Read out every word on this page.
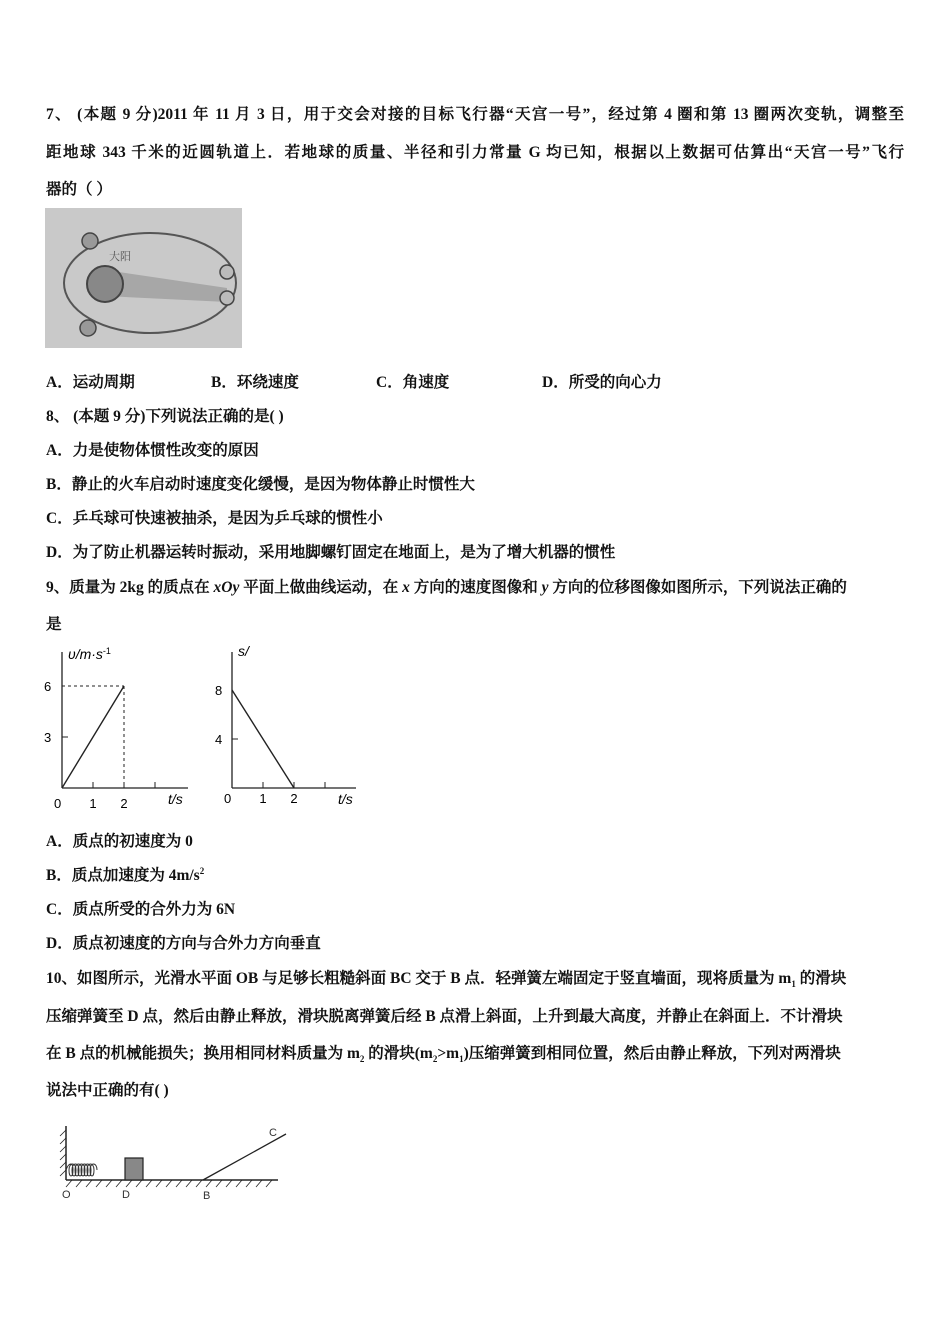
7、 (本题 9 分)2011 年 11 月 3 日，用于交会对接的目标飞行器“天宫一号”，经过第 4 圈和第 13 圈两次变轨，调整至
距地球 343 千米的近圆轨道上．若地球的质量、半径和引力常量 G 均已知，根据以上数据可估算出“天宫一号”飞行
器的（ ）
大阳
A．运动周期	B．环绕速度	C．角速度	D．所受的向心力
8、 (本题 9 分)下列说法正确的是( )
A．力是使物体惯性改变的原因
B．静止的火车启动时速度变化缓慢，是因为物体静止时惯性大
C．乒乓球可快速被抽杀，是因为乒乓球的惯性小
D．为了防止机器运转时振动，采用地脚螺钉固定在地面上，是为了增大机器的惯性
9、质量为 2kg 的质点在 xOy 平面上做曲线运动，在 x 方向的速度图像和 y 方向的位移图像如图所示，下列说法正确的
是
$\upsilon/m\cdot s^{-1}$
3
6
0 1 2	t/s
s/
4
8
0 1 2	t/s
A．质点的初速度为 0
B．质点加速度为 $4m/s^2$
C．质点所受的合外力为 6N
D．质点初速度的方向与合外力方向垂直
10、如图所示，光滑水平面 OB 与足够长粗糙斜面 BC 交于 B 点．轻弹簧左端固定于竖直墙面，现将质量为 $m_1$ 的滑块
压缩弹簧至 D 点，然后由静止释放，滑块脱离弹簧后经 B 点滑上斜面，上升到最大高度，并静止在斜面上．不计滑块
在 B 点的机械能损失；换用相同材料质量为 $m_2$ 的滑块$(m_2>m_1)$压缩弹簧到相同位置，然后由静止释放，下列对两滑块
说法中正确的有( )
O	D	B
C
